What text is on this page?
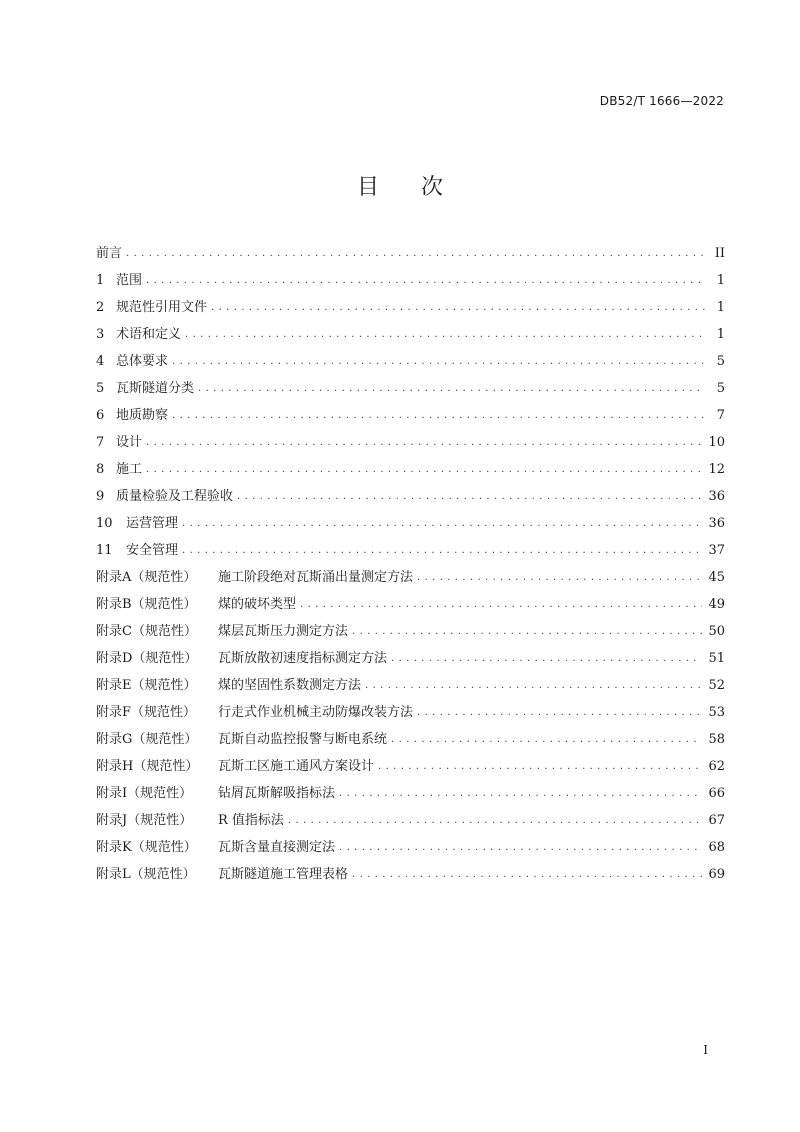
DB52/T 1666—2022
目 次
前言 . . .	II
1 范围 . . .	1
2 规范性引用文件 . . .	1
3 术语和定义 . . .	1
4 总体要求 . . .	5
5 瓦斯隧道分类 . . .	5
6 地质勘察 . . .	7
7 设计 . . .	10
8 施工 . . .	12
9 质量检验及工程验收 . . .	36
10	运营管理 . . .	36
11	安全管理 . . .	37
附录A（规范性）	施工阶段绝对瓦斯涌出量测定方法 . . .	45
附录B（规范性）	煤的破坏类型 . . .	49
附录C（规范性）	煤层瓦斯压力测定方法 . . .	50
附录D（规范性）	瓦斯放散初速度指标测定方法 . . .	51
附录E（规范性）	煤的坚固性系数测定方法 . . .	52
附录F（规范性）	行走式作业机械主动防爆改装方法 . . .	53
附录G（规范性）	瓦斯自动监控报警与断电系统 . . .	58
附录H（规范性）	瓦斯工区施工通风方案设计 . . .	62
附录I（规范性）	钻屑瓦斯解吸指标法 . . .	66
附录J（规范性）	R 值指标法 . . .	67
附录K（规范性）	瓦斯含量直接测定法 . . .	68
附录L（规范性）	瓦斯隧道施工管理表格 . . .	69
I
